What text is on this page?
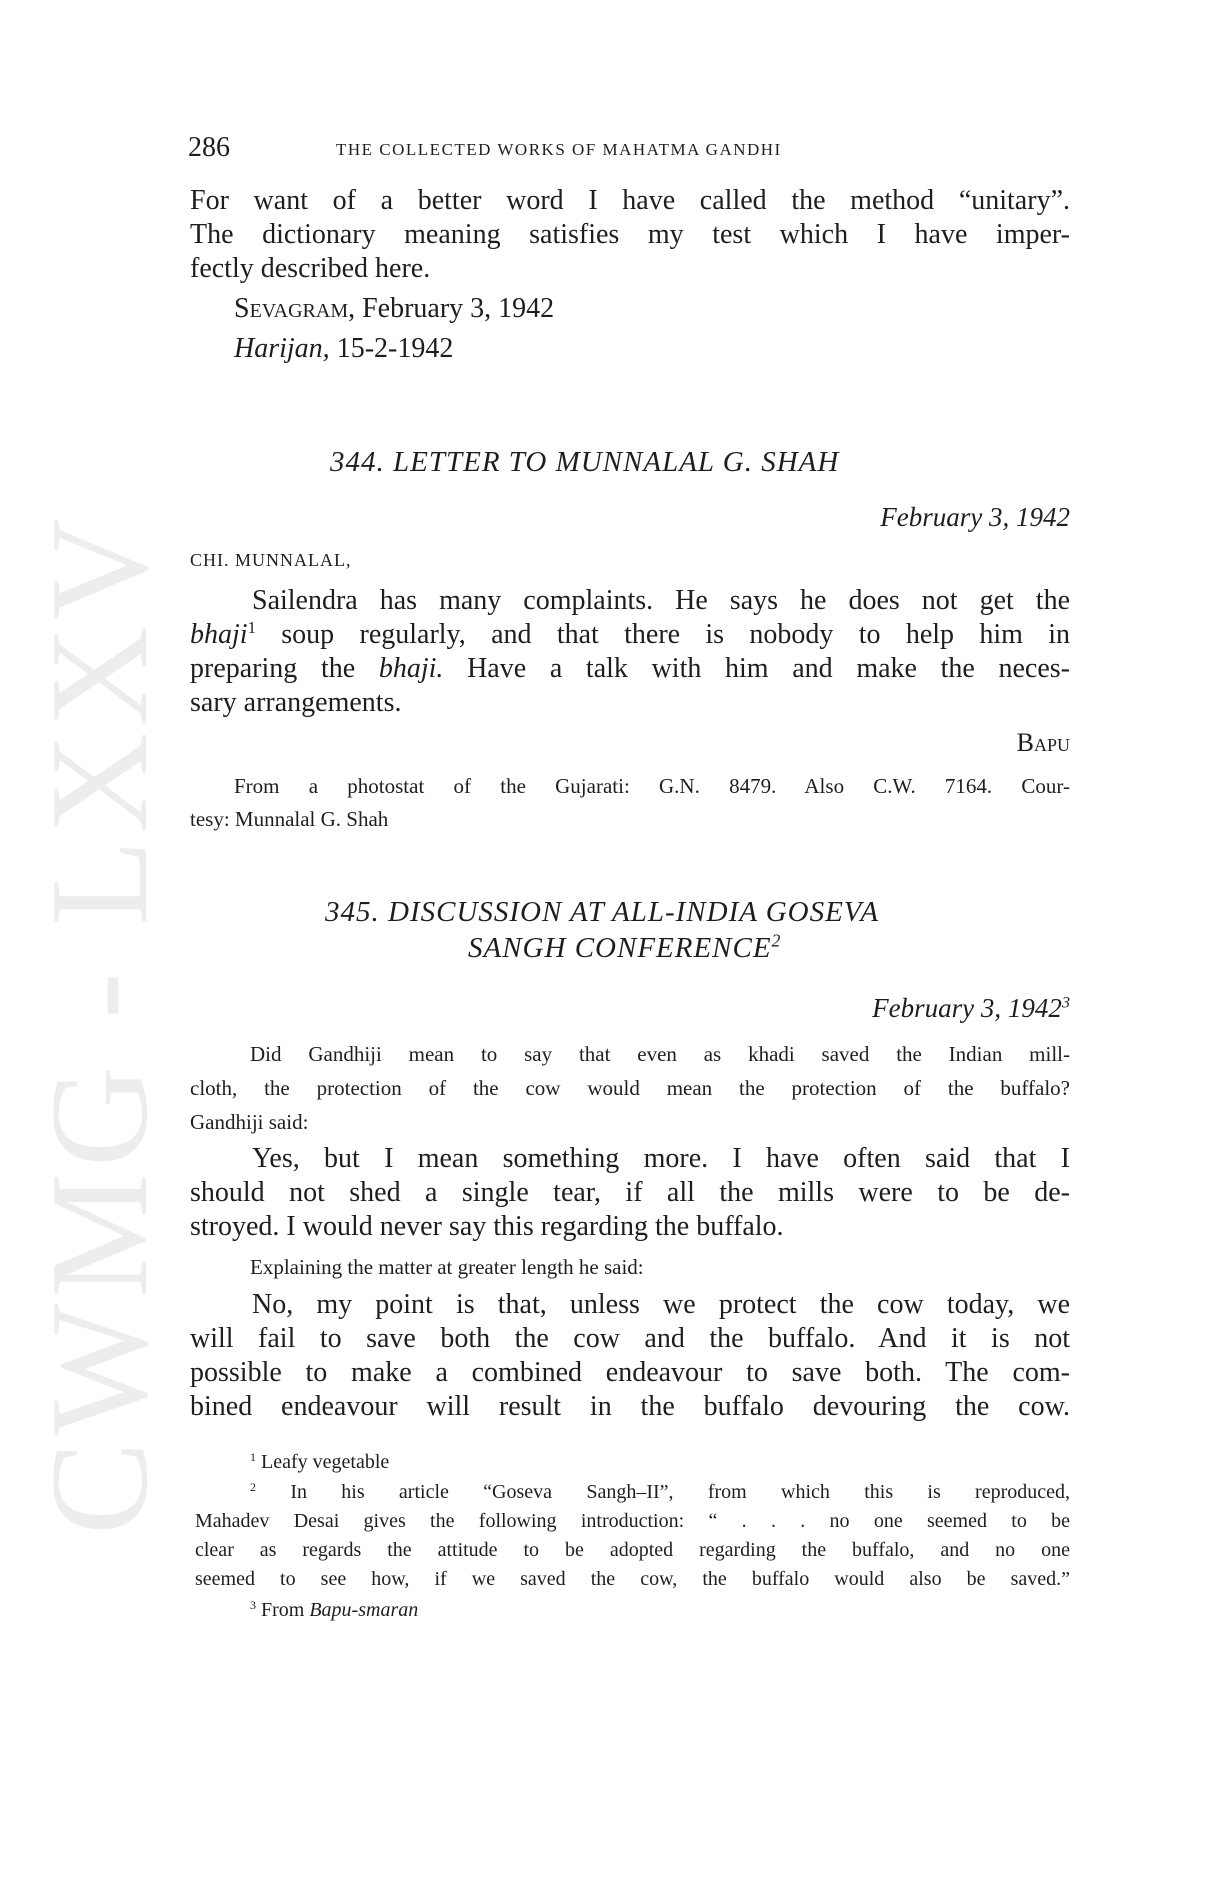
CWMG - LXXV
286	THE COLLECTED WORKS OF MAHATMA GANDHI
For want of a better word I have called the method “unitary”.
The dictionary meaning satisfies my test which I have imper-
fectly described here.
Sevagram, February 3, 1942
Harijan, 15-2-1942
344. LETTER TO MUNNALAL G. SHAH
February 3, 1942
CHI. MUNNALAL,
Sailendra has many complaints. He says he does not get the
bhaji$^1$ soup regularly, and that there is nobody to help him in
preparing the bhaji. Have a talk with him and make the neces-
sary arrangements.
Bapu
From a photostat of the Gujarati: G.N. 8479. Also C.W. 7164. Cour-
tesy: Munnalal G. Shah
345. DISCUSSION AT ALL-INDIA GOSEVA
SANGH CONFERENCE$^2$
February 3, 1942$^3$
Did Gandhiji mean to say that even as khadi saved the Indian mill-
cloth, the protection of the cow would mean the protection of the buffalo?
Gandhiji said:
Yes, but I mean something more. I have often said that I
should not shed a single tear, if all the mills were to be de-
stroyed. I would never say this regarding the buffalo.
Explaining the matter at greater length he said:
No, my point is that, unless we protect the cow today, we
will fail to save both the cow and the buffalo. And it is not
possible to make a combined endeavour to save both. The com-
bined endeavour will result in the buffalo devouring the cow.
$^1$ Leafy vegetable
$^2$ In his article “Goseva Sangh–II”, from which this is reproduced,
Mahadev Desai gives the following introduction: “ . . . no one seemed to be
clear as regards the attitude to be adopted regarding the buffalo, and no one
seemed to see how, if we saved the cow, the buffalo would also be saved.”
$^3$ From Bapu-smaran
